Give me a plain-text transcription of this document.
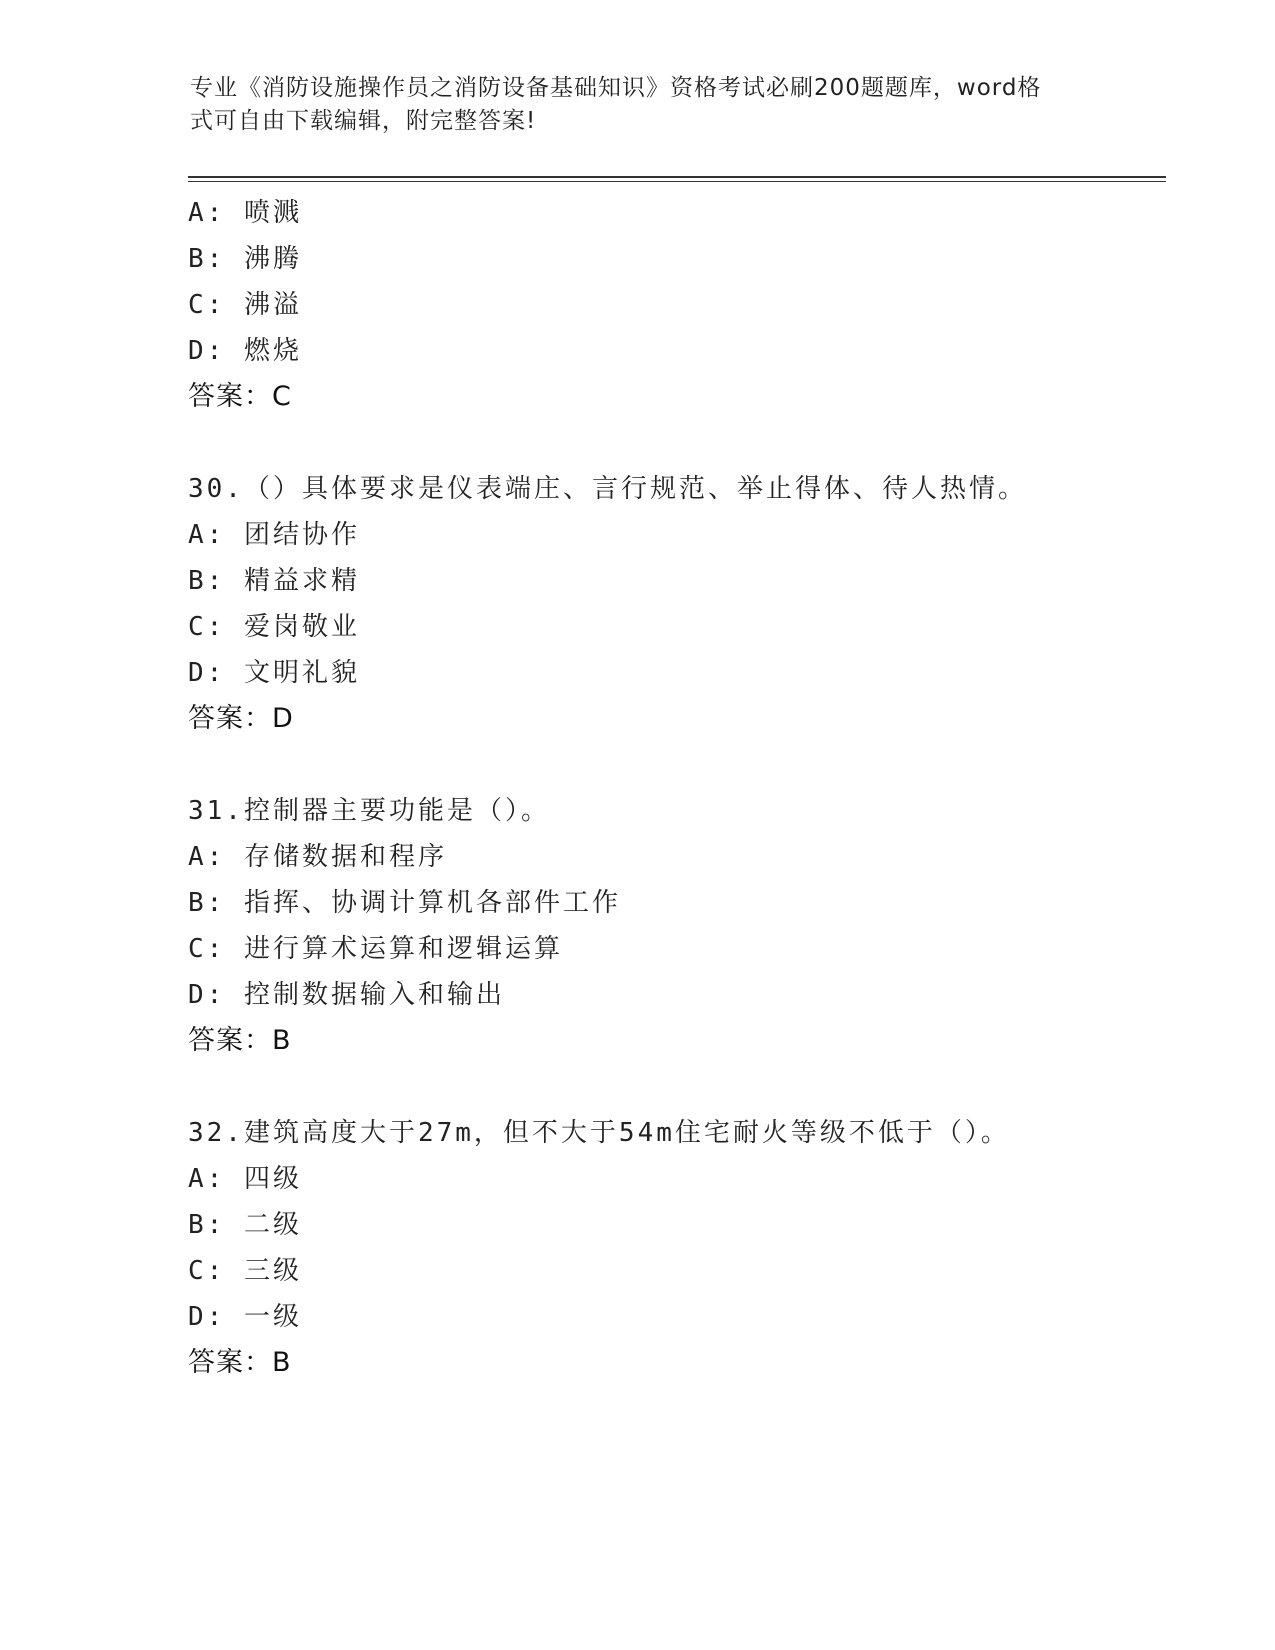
专业《消防设施操作员之消防设备基础知识》资格考试必刷200题题库，word格
式可自由下载编辑，附完整答案!
A: 喷溅
B: 沸腾
C: 沸溢
D: 燃烧
答案：C
30.（）具体要求是仪表端庄、言行规范、举止得体、待人热情。
A: 团结协作
B: 精益求精
C: 爱岗敬业
D: 文明礼貌
答案：D
31.控制器主要功能是（）。
A: 存储数据和程序
B: 指挥、协调计算机各部件工作
C: 进行算术运算和逻辑运算
D: 控制数据输入和输出
答案：B
32.建筑高度大于27m，但不大于54m住宅耐火等级不低于（）。
A: 四级
B: 二级
C: 三级
D: 一级
答案：B
